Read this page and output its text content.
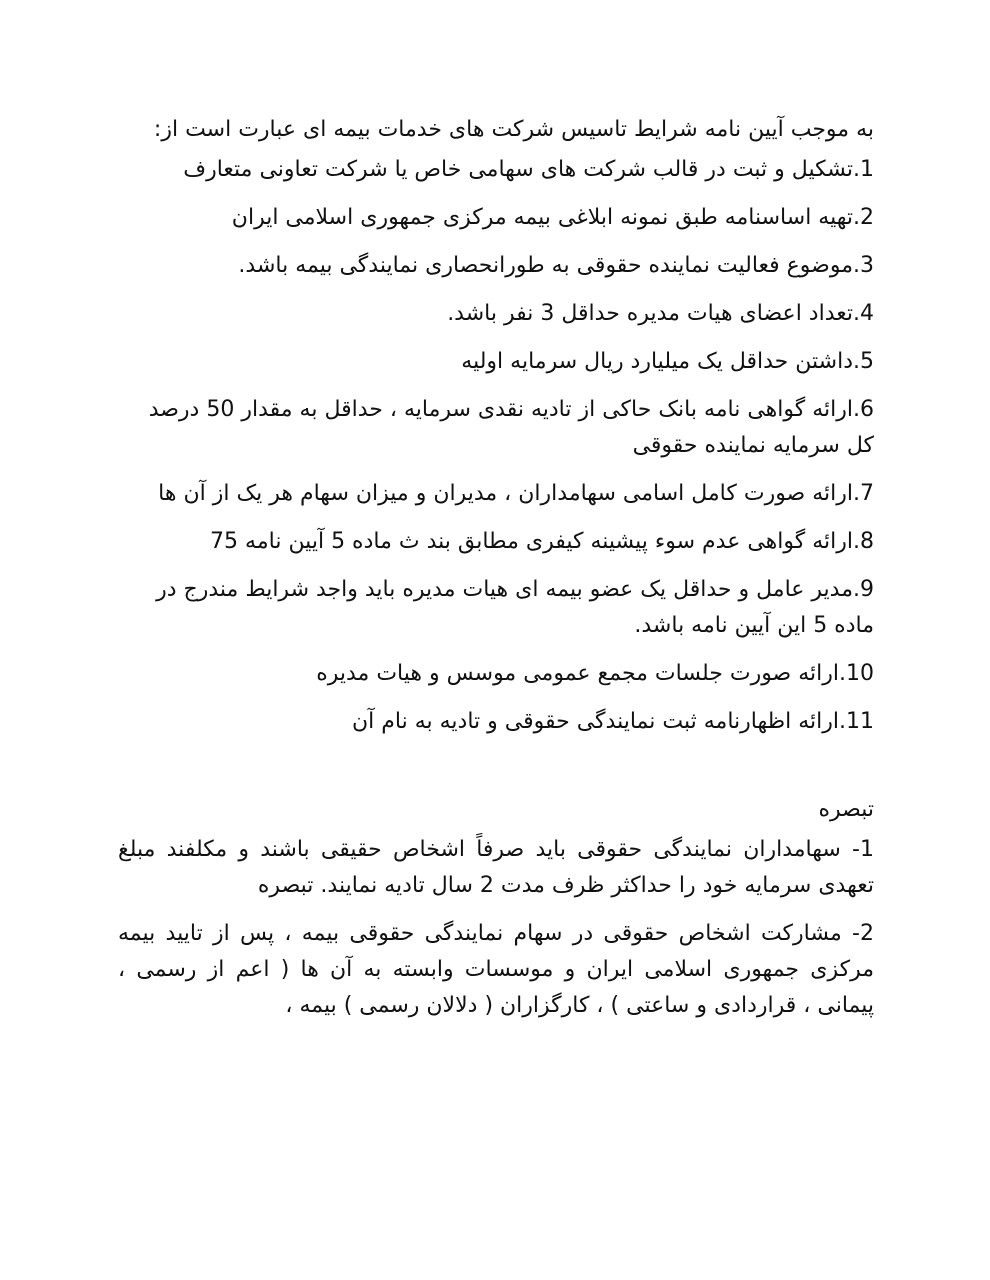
به موجب آیین نامه شرایط تاسیس شرکت های خدمات بیمه ای عبارت است از:

1.تشکیل و ثبت در قالب شرکت های سهامی خاص یا شرکت تعاونی متعارف
2.تهیه اساسنامه طبق نمونه ابلاغی بیمه مرکزی جمهوری اسلامی ایران
3.موضوع فعالیت نماینده حقوقی به طورانحصاری نمایندگی بیمه باشد.
4.تعداد اعضای هیات مدیره حداقل 3 نفر باشد.
5.داشتن حداقل یک میلیارد ریال سرمایه اولیه
6.ارائه گواهی نامه بانک حاکی از تادیه نقدی سرمایه ، حداقل به مقدار 50 درصد کل سرمایه نماینده حقوقی
7.ارائه صورت کامل اسامی سهامداران ، مدیران و میزان سهام هر یک از آن ها
8.ارائه گواهی عدم سوء پیشینه کیفری مطابق بند ث ماده 5 آیین نامه 75
9.مدیر عامل و حداقل یک عضو بیمه ای هیات مدیره باید واجد شرایط مندرج در ماده 5 این آیین نامه باشد.
10.ارائه صورت جلسات مجمع عمومی موسس و هیات مدیره
11.ارائه اظهارنامه ثبت نمایندگی حقوقی و تادیه به نام آن

تبصره

1- سهامداران نمایندگی حقوقی باید صرفاً اشخاص حقیقی باشند و مکلفند مبلغ تعهدی سرمایه خود را حداکثر ظرف مدت 2 سال تادیه نمایند. تبصره

2- مشارکت اشخاص حقوقی در سهام نمایندگی حقوقی بیمه ، پس از تایید بیمه مرکزی جمهوری اسلامی ایران و موسسات وابسته به آن ها ( اعم از رسمی ، پیمانی ، قراردادی و ساعتی ) ، کارگزاران ( دلالان رسمی ) بیمه ،
